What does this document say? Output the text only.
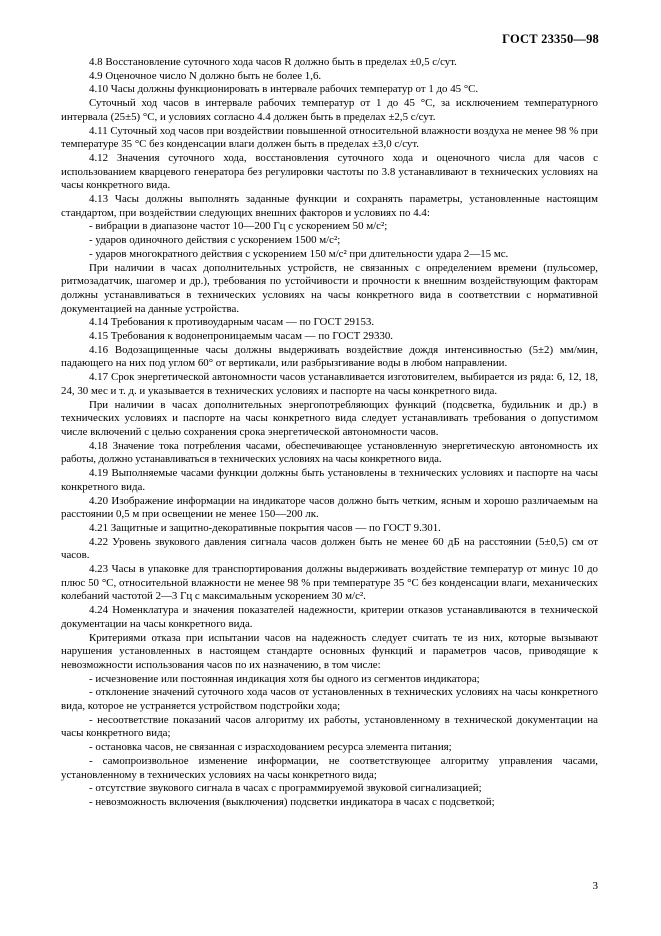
ГОСТ 23350—98

4.8 Восстановление суточного хода часов R должно быть в пределах ±0,5 с/сут.

4.9 Оценочное число N должно быть не более 1,6.

4.10 Часы должны функционировать в интервале рабочих температур от 1 до 45 °С.

Суточный ход часов в интервале рабочих температур от 1 до 45 °С, за исключением температурного интервала (25±5) °С, и условиях согласно 4.4 должен быть в пределах ±2,5 с/сут.

4.11 Суточный ход часов при воздействии повышенной относительной влажности воздуха не менее 98 % при температуре 35 °С без конденсации влаги должен быть в пределах ±3,0 с/сут.

4.12 Значения суточного хода, восстановления суточного хода и оценочного числа для часов с использованием кварцевого генератора без регулировки частоты по 3.8 устанавливают в технических условиях на часы конкретного вида.

4.13 Часы должны выполнять заданные функции и сохранять параметры, установленные настоящим стандартом, при воздействии следующих внешних факторов и условиях по 4.4:

- вибрации в диапазоне частот 10—200 Гц с ускорением 50 м/с²;

- ударов одиночного действия с ускорением 1500 м/с²;

- ударов многократного действия с ускорением 150 м/с² при длительности удара 2—15 мс.

При наличии в часах дополнительных устройств, не связанных с определением времени (пульсомер, ритмозадатчик, шагомер и др.), требования по устойчивости и прочности к внешним воздействующим факторам должны устанавливаться в технических условиях на часы конкретного вида в соответствии с нормативной документацией на данные устройства.

4.14 Требования к противоударным часам — по ГОСТ 29153.

4.15 Требования к водонепроницаемым часам — по ГОСТ 29330.

4.16 Водозащищенные часы должны выдерживать воздействие дождя интенсивностью (5±2) мм/мин, падающего на них под углом 60° от вертикали, или разбрызгивание воды в любом направлении.

4.17 Срок энергетической автономности часов устанавливается изготовителем, выбирается из ряда: 6, 12, 18, 24, 30 мес и т. д. и указывается в технических условиях и паспорте на часы конкретного вида.

При наличии в часах дополнительных энергопотребляющих функций (подсветка, будильник и др.) в технических условиях и паспорте на часы конкретного вида следует устанавливать требования о допустимом числе включений с целью сохранения срока энергетической автономности часов.

4.18 Значение тока потребления часами, обеспечивающее установленную энергетическую автономность их работы, должно устанавливаться в технических условиях на часы конкретного вида.

4.19 Выполняемые часами функции должны быть установлены в технических условиях и паспорте на часы конкретного вида.

4.20 Изображение информации на индикаторе часов должно быть четким, ясным и хорошо различаемым на расстоянии 0,5 м при освещении не менее 150—200 лк.

4.21 Защитные и защитно-декоративные покрытия часов — по ГОСТ 9.301.

4.22 Уровень звукового давления сигнала часов должен быть не менее 60 дБ на расстоянии (5±0,5) см от часов.

4.23 Часы в упаковке для транспортирования должны выдерживать воздействие температур от минус 10 до плюс 50 °С, относительной влажности не менее 98 % при температуре 35 °С без конденсации влаги, механических колебаний частотой 2—3 Гц с максимальным ускорением 30 м/с².

4.24 Номенклатура и значения показателей надежности, критерии отказов устанавливаются в технической документации на часы конкретного вида.

Критериями отказа при испытании часов на надежность следует считать те из них, которые вызывают нарушения установленных в настоящем стандарте основных функций и параметров часов, приводящие к невозможности использования часов по их назначению, в том числе:

- исчезновение или постоянная индикация хотя бы одного из сегментов индикатора;

- отклонение значений суточного хода часов от установленных в технических условиях на часы конкретного вида, которое не устраняется устройством подстройки хода;

- несоответствие показаний часов алгоритму их работы, установленному в технической документации на часы конкретного вида;

- остановка часов, не связанная с израсходованием ресурса элемента питания;

- самопроизвольное изменение информации, не соответствующее алгоритму управления часами, установленному в технических условиях на часы конкретного вида;

- отсутствие звукового сигнала в часах с программируемой звуковой сигнализацией;

- невозможность включения (выключения) подсветки индикатора в часах с подсветкой;

3
